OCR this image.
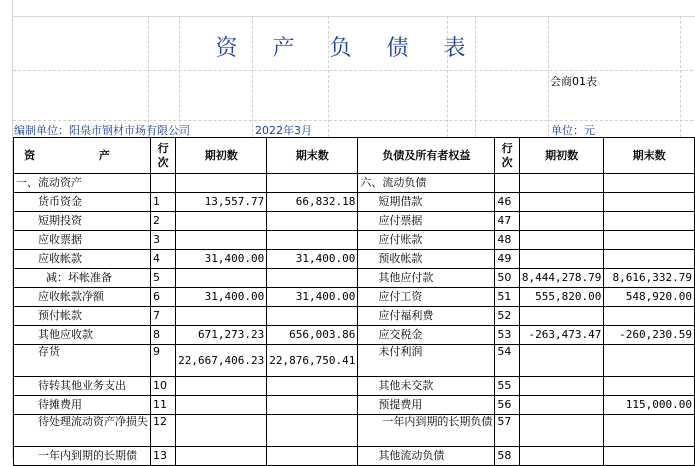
资 产 负 债 表
会商01表
编制单位：阳泉市钢材市场有限公司	2022年3月	单位：元
资 产	行次	期初数	期末数	负债及所有者权益	行次	期初数	期末数
一、流动资产				六、流动负债			
货币资金	1	13,557.77	66,832.18	短期借款	46		
短期投资	2			应付票据	47		
应收票据	3			应付账款	48		
应收帐款	4	31,400.00	31,400.00	预收帐款	49		
减：坏帐准备	5			其他应付款	50	8,444,278.79	8,616,332.79
应收帐款净额	6	31,400.00	31,400.00	应付工资	51	555,820.00	548,920.00
预付帐款	7			应付福利费	52		
其他应收款	8	671,273.23	656,003.86	应交税金	53	-263,473.47	-260,230.59
存货	9	22,667,406.23	22,876,750.41	未付利润	54		
待转其他业务支出	10			其他未交款	55		
待摊费用	11			预提费用	56		115,000.00
待处理流动资产净损失	12			一年内到期的长期负债	57		
一年内到期的长期债	13			其他流动负债	58		
